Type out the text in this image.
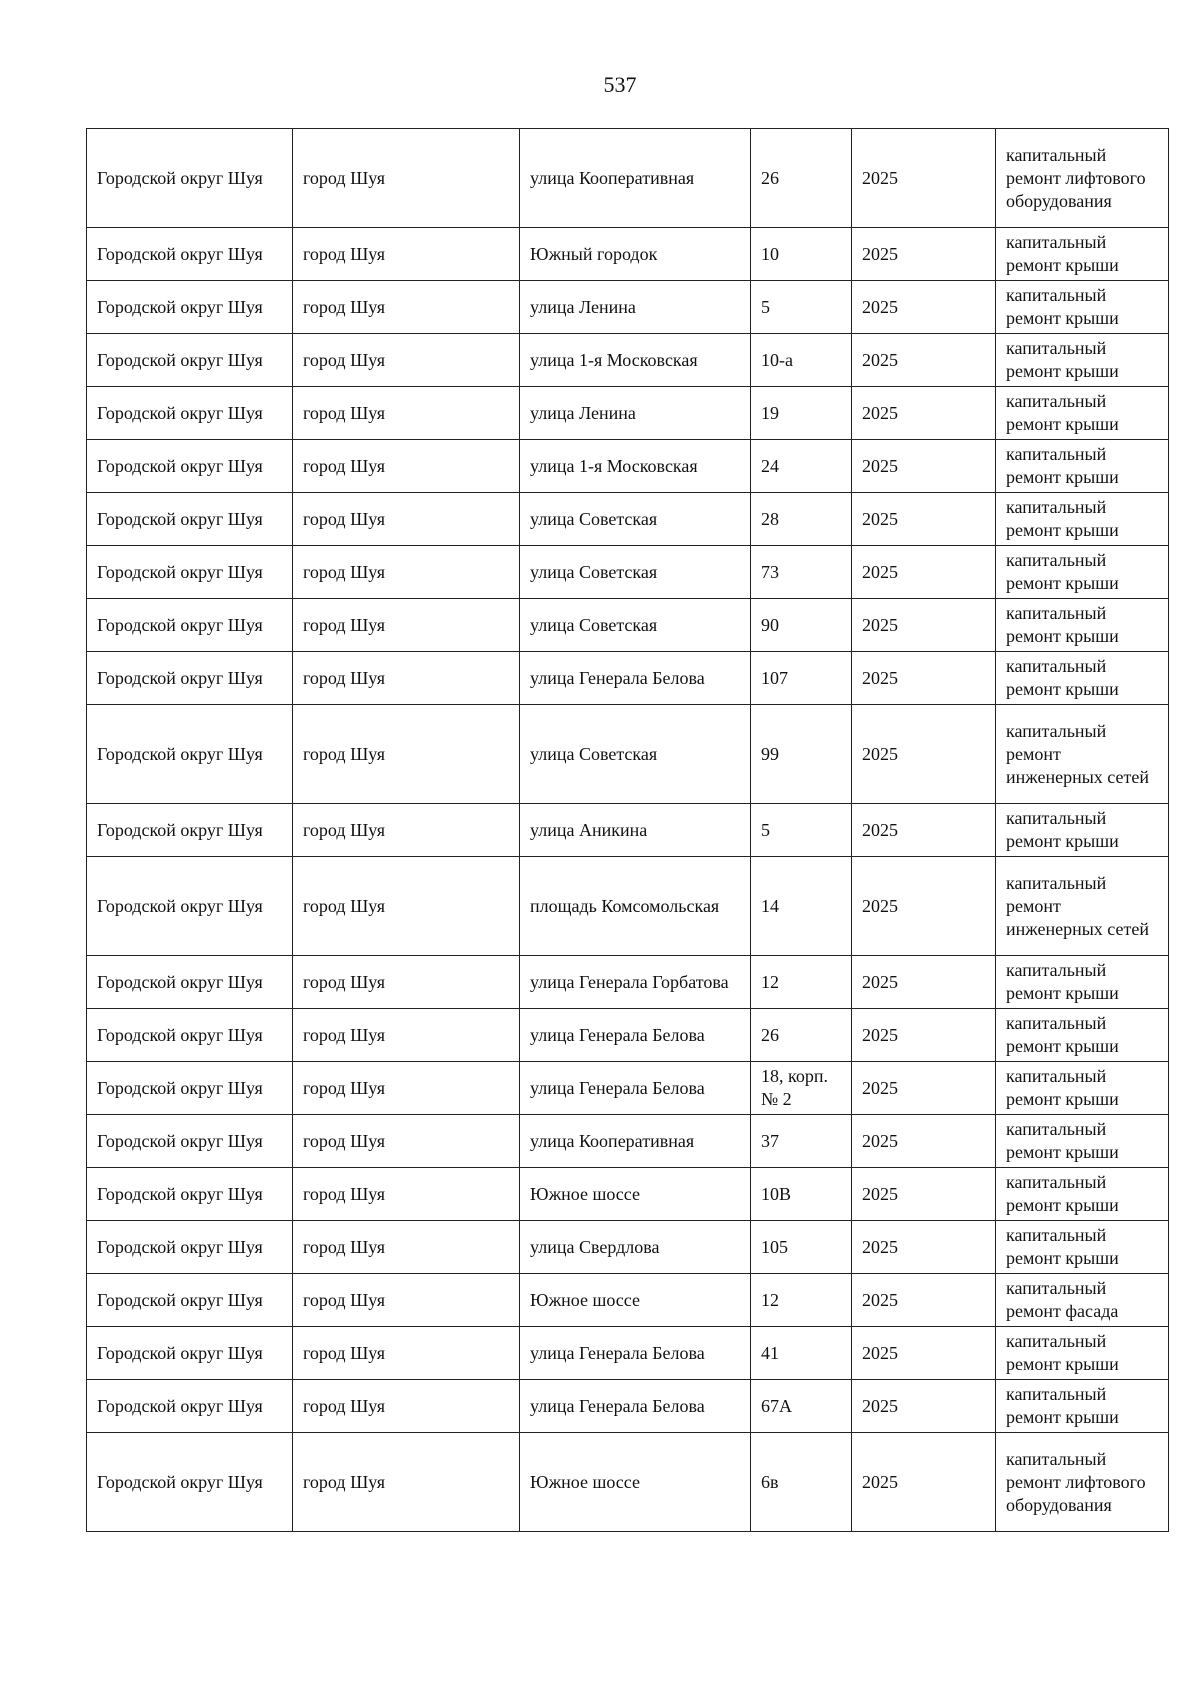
537
Городской округ Шуя	город Шуя	улица Кооперативная	26	2025	капитальный ремонт лифтового оборудования
Городской округ Шуя	город Шуя	Южный городок	10	2025	капитальный ремонт крыши
Городской округ Шуя	город Шуя	улица Ленина	5	2025	капитальный ремонт крыши
Городской округ Шуя	город Шуя	улица 1-я Московская	10-а	2025	капитальный ремонт крыши
Городской округ Шуя	город Шуя	улица Ленина	19	2025	капитальный ремонт крыши
Городской округ Шуя	город Шуя	улица 1-я Московская	24	2025	капитальный ремонт крыши
Городской округ Шуя	город Шуя	улица Советская	28	2025	капитальный ремонт крыши
Городской округ Шуя	город Шуя	улица Советская	73	2025	капитальный ремонт крыши
Городской округ Шуя	город Шуя	улица Советская	90	2025	капитальный ремонт крыши
Городской округ Шуя	город Шуя	улица Генерала Белова	107	2025	капитальный ремонт крыши
Городской округ Шуя	город Шуя	улица Советская	99	2025	капитальный ремонт инженерных сетей
Городской округ Шуя	город Шуя	улица Аникина	5	2025	капитальный ремонт крыши
Городской округ Шуя	город Шуя	площадь Комсомольская	14	2025	капитальный ремонт инженерных сетей
Городской округ Шуя	город Шуя	улица Генерала Горбатова	12	2025	капитальный ремонт крыши
Городской округ Шуя	город Шуя	улица Генерала Белова	26	2025	капитальный ремонт крыши
Городской округ Шуя	город Шуя	улица Генерала Белова	18, корп. № 2	2025	капитальный ремонт крыши
Городской округ Шуя	город Шуя	улица Кооперативная	37	2025	капитальный ремонт крыши
Городской округ Шуя	город Шуя	Южное шоссе	10В	2025	капитальный ремонт крыши
Городской округ Шуя	город Шуя	улица Свердлова	105	2025	капитальный ремонт крыши
Городской округ Шуя	город Шуя	Южное шоссе	12	2025	капитальный ремонт фасада
Городской округ Шуя	город Шуя	улица Генерала Белова	41	2025	капитальный ремонт крыши
Городской округ Шуя	город Шуя	улица Генерала Белова	67А	2025	капитальный ремонт крыши
Городской округ Шуя	город Шуя	Южное шоссе	6в	2025	капитальный ремонт лифтового оборудования
